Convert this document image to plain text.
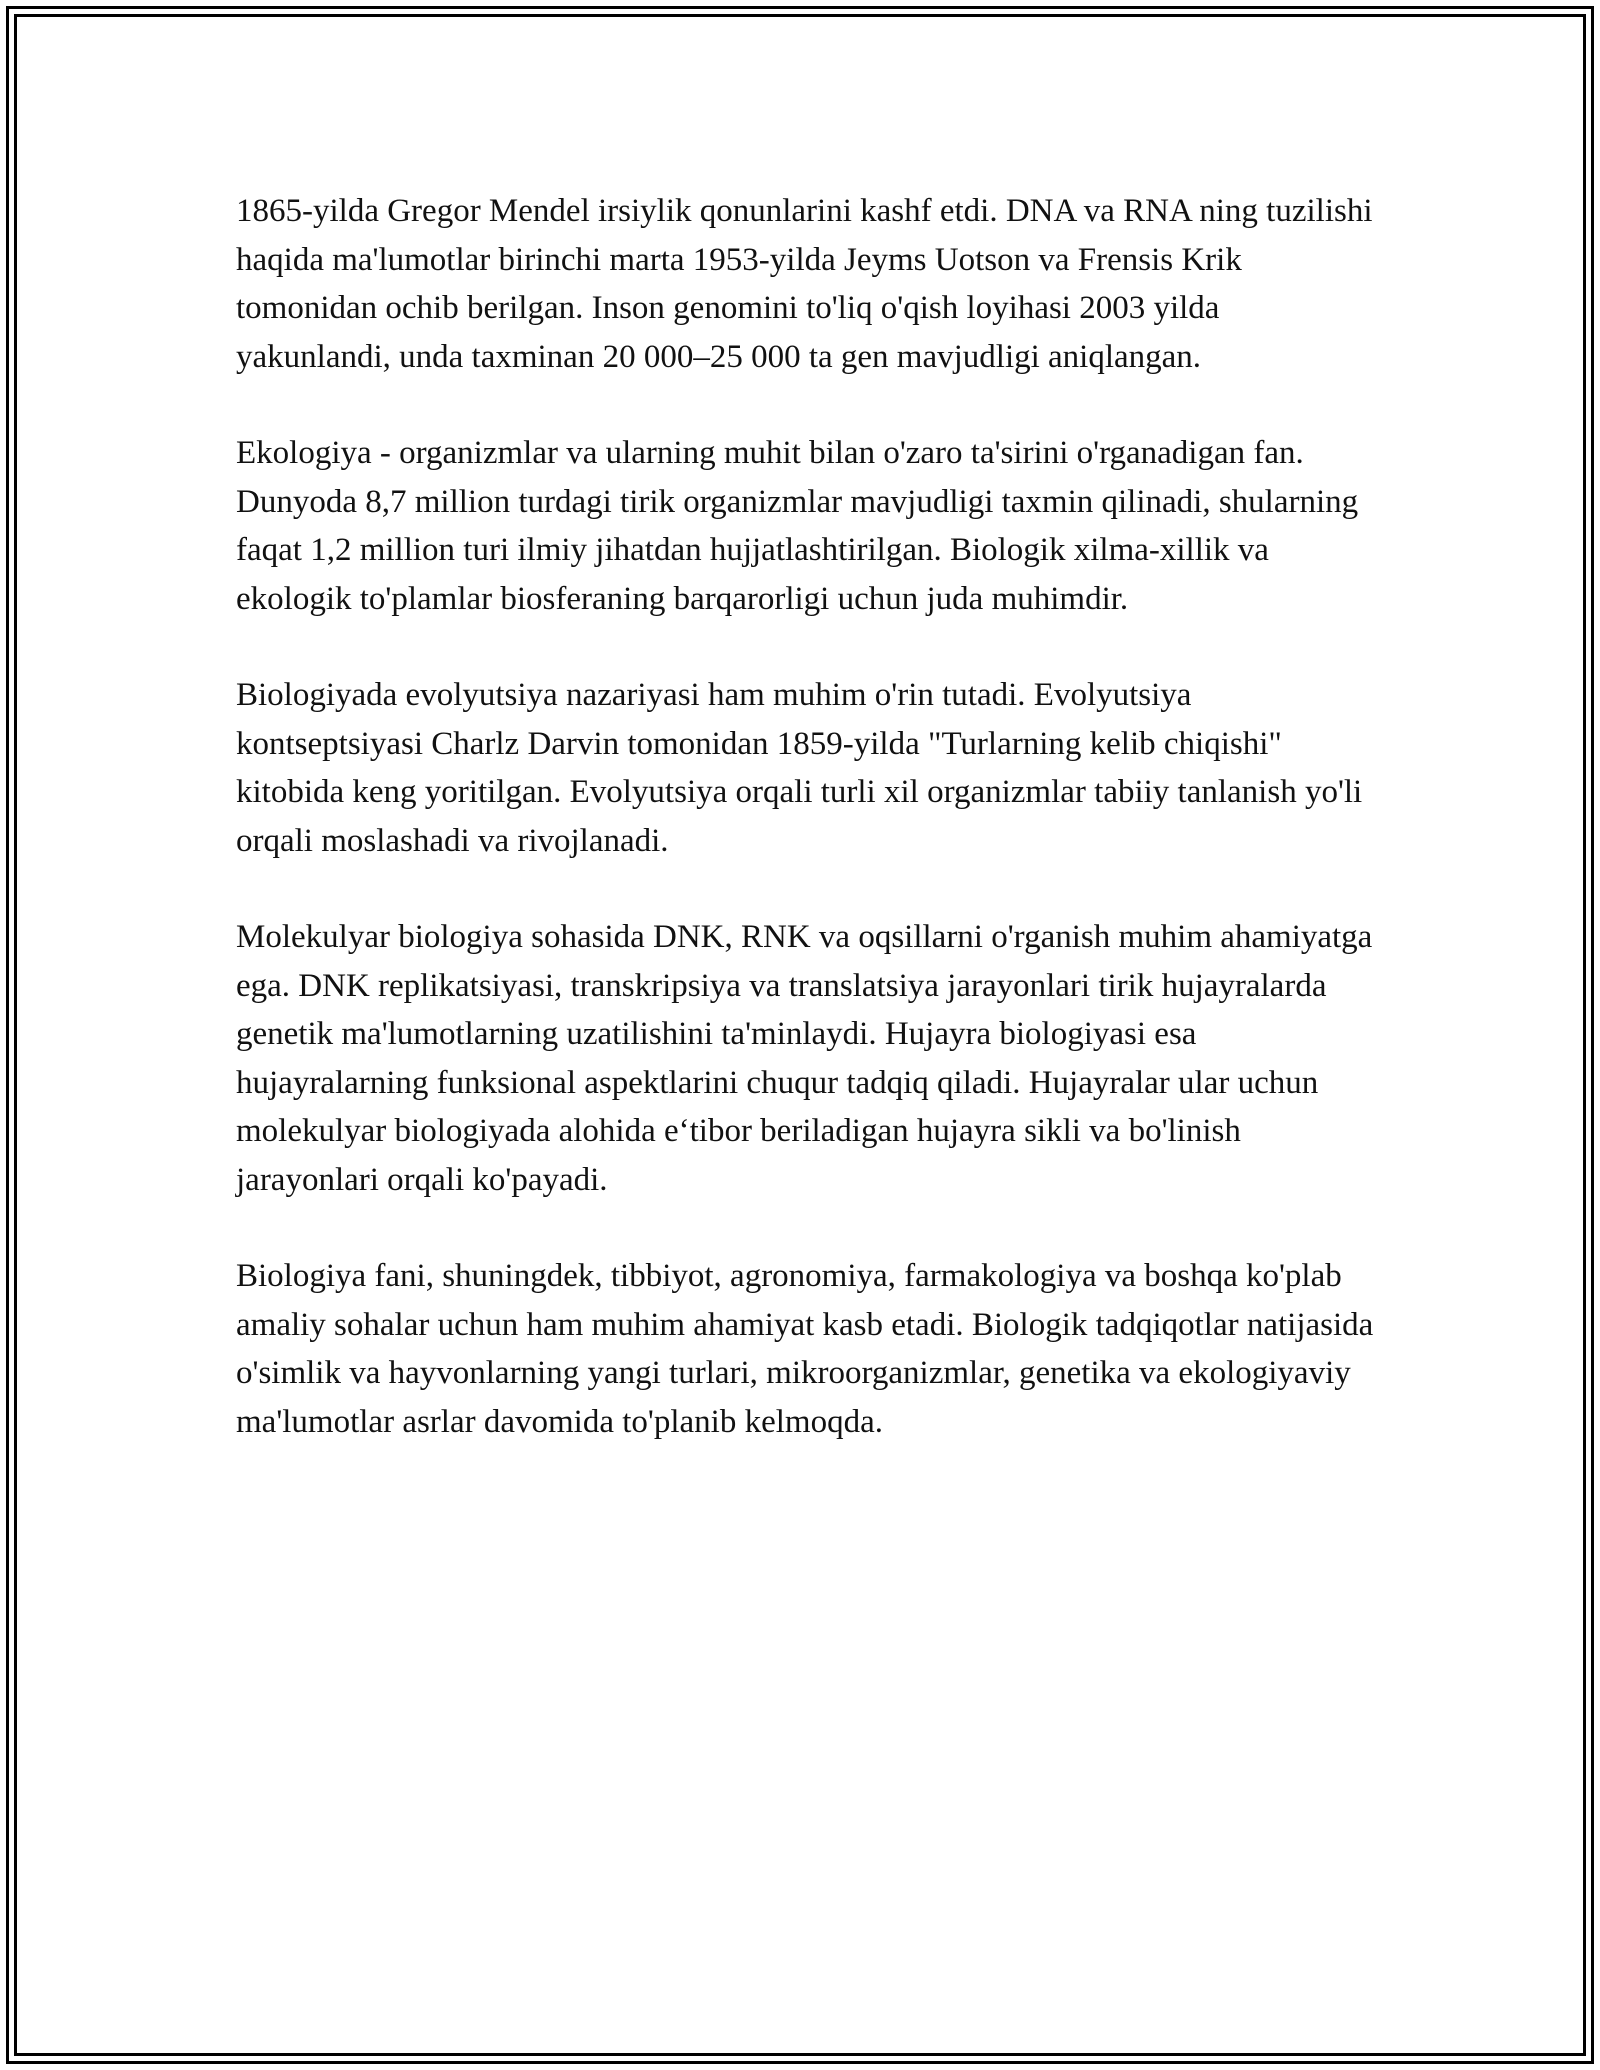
1865-yilda Gregor Mendel irsiylik qonunlarini kashf etdi. DNA va RNA ning tuzilishi haqida ma'lumotlar birinchi marta 1953-yilda Jeyms Uotson va Frensis Krik tomonidan ochib berilgan. Inson genomini to'liq o'qish loyihasi 2003 yilda yakunlandi, unda taxminan 20 000–25 000 ta gen mavjudligi aniqlangan.

Ekologiya - organizmlar va ularning muhit bilan o'zaro ta'sirini o'rganadigan fan. Dunyoda 8,7 million turdagi tirik organizmlar mavjudligi taxmin qilinadi, shularning faqat 1,2 million turi ilmiy jihatdan hujjatlashtirilgan. Biologik xilma-xillik va ekologik to'plamlar biosferaning barqarorligi uchun juda muhimdir.

Biologiyada evolyutsiya nazariyasi ham muhim o'rin tutadi. Evolyutsiya kontseptsiyasi Charlz Darvin tomonidan 1859-yilda "Turlarning kelib chiqishi" kitobida keng yoritilgan. Evolyutsiya orqali turli xil organizmlar tabiiy tanlanish yo'li orqali moslashadi va rivojlanadi.

Molekulyar biologiya sohasida DNK, RNK va oqsillarni o'rganish muhim ahamiyatga ega. DNK replikatsiyasi, transkripsiya va translatsiya jarayonlari tirik hujayralarda genetik ma'lumotlarning uzatilishini ta'minlaydi. Hujayra biologiyasi esa hujayralarning funksional aspektlarini chuqur tadqiq qiladi. Hujayralar ular uchun molekulyar biologiyada alohida e‘tibor beriladigan hujayra sikli va bo'linish jarayonlari orqali ko'payadi.

Biologiya fani, shuningdek, tibbiyot, agronomiya, farmakologiya va boshqa ko'plab amaliy sohalar uchun ham muhim ahamiyat kasb etadi. Biologik tadqiqotlar natijasida o'simlik va hayvonlarning yangi turlari, mikroorganizmlar, genetika va ekologiyaviy ma'lumotlar asrlar davomida to'planib kelmoqda.
